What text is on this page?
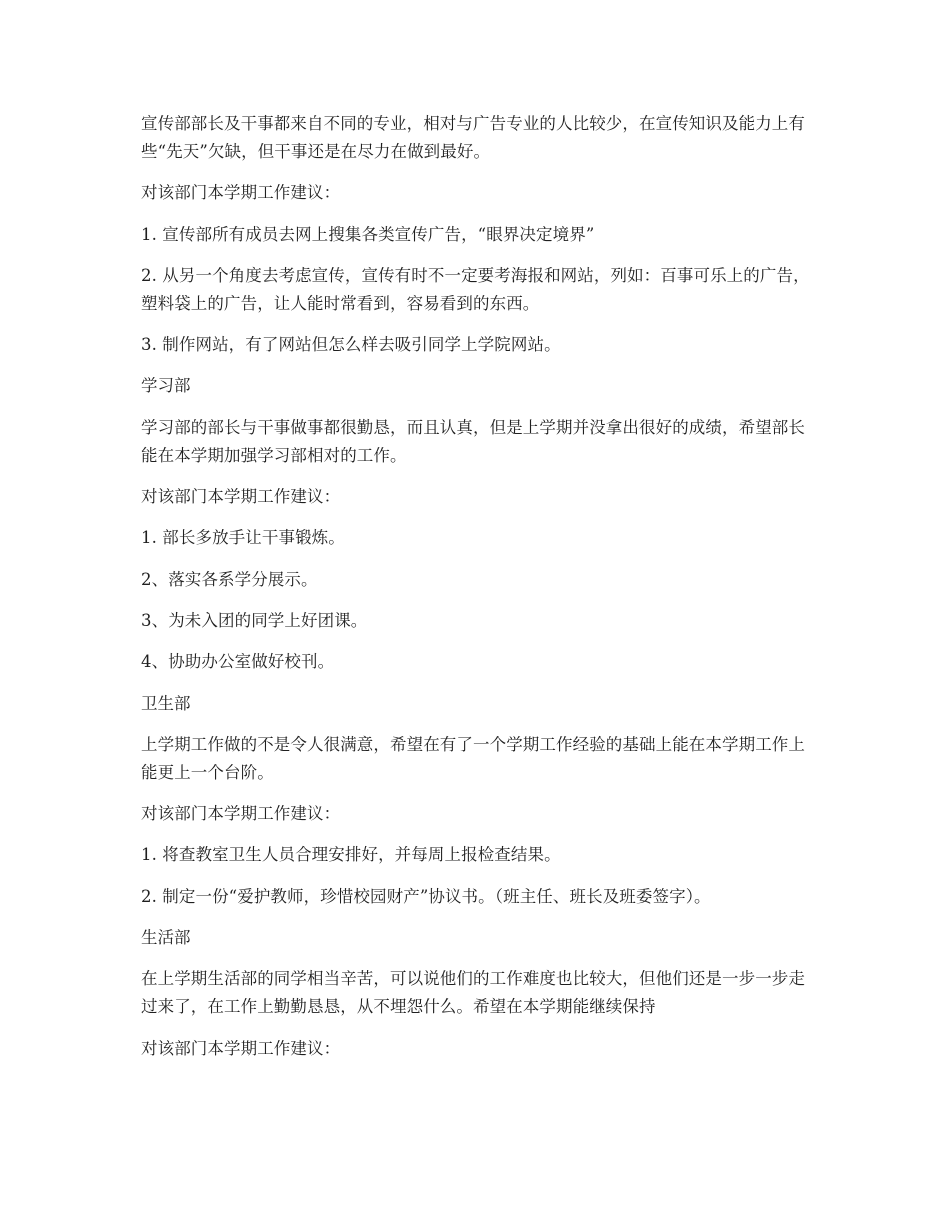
宣传部部长及干事都来自不同的专业，相对与广告专业的人比较少，在宣传知识及能力上有些“先天”欠缺，但干事还是在尽力在做到最好。

对该部门本学期工作建议：

1. 宣传部所有成员去网上搜集各类宣传广告，“眼界决定境界”

2. 从另一个角度去考虑宣传，宣传有时不一定要考海报和网站，列如：百事可乐上的广告，塑料袋上的广告，让人能时常看到，容易看到的东西。

3. 制作网站，有了网站但怎么样去吸引同学上学院网站。

学习部

学习部的部长与干事做事都很勤恳，而且认真，但是上学期并没拿出很好的成绩，希望部长能在本学期加强学习部相对的工作。

对该部门本学期工作建议：

1. 部长多放手让干事锻炼。

2、落实各系学分展示。

3、为未入团的同学上好团课。

4、协助办公室做好校刊。

卫生部

上学期工作做的不是令人很满意，希望在有了一个学期工作经验的基础上能在本学期工作上能更上一个台阶。

对该部门本学期工作建议：

1. 将查教室卫生人员合理安排好，并每周上报检查结果。

2. 制定一份“爱护教师，珍惜校园财产”协议书。（班主任、班长及班委签字）。

生活部

在上学期生活部的同学相当辛苦，可以说他们的工作难度也比较大，但他们还是一步一步走过来了，在工作上勤勤恳恳，从不埋怨什么。希望在本学期能继续保持

对该部门本学期工作建议：
